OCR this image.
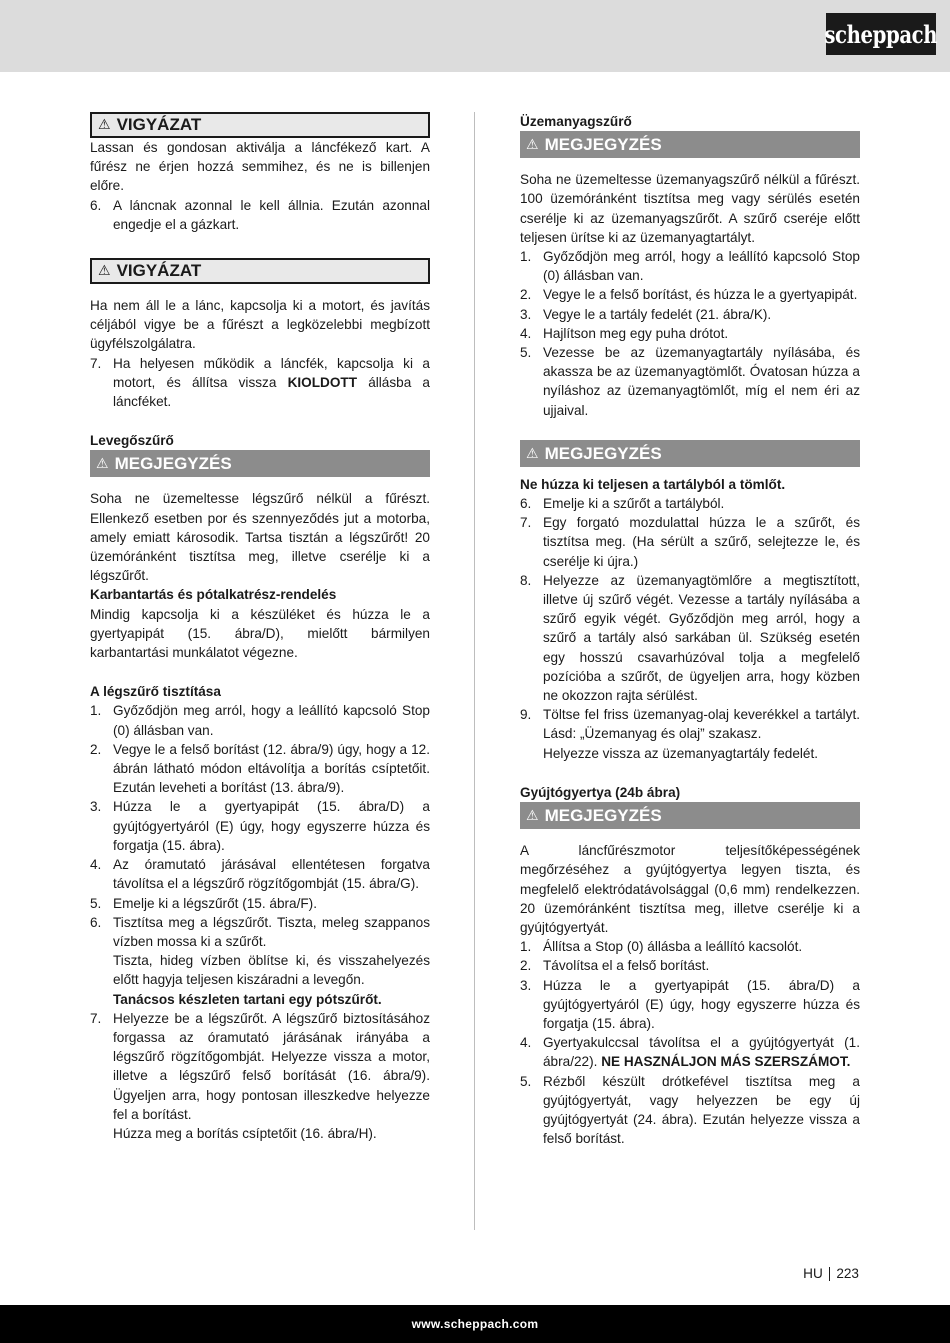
scheppach
⚠ VIGYÁZAT

Lassan és gondosan aktiválja a láncfékező kart. A fűrész ne érjen hozzá semmihez, és ne is billenjen előre.

6. A láncnak azonnal le kell állnia. Ezután azonnal engedje el a gázkart.
⚠ VIGYÁZAT

Ha nem áll le a lánc, kapcsolja ki a motort, és javítás céljából vigye be a fűrészt a legközelebbi megbízott ügyfélszolgálatra.

7. Ha helyesen működik a láncfék, kapcsolja ki a motort, és állítsa vissza KIOLDOTT állásba a láncféket.

Levegőszűrő

⚠ MEGJEGYZÉS

Soha ne üzemeltesse légszűrő nélkül a fűrészt. Ellenkező esetben por és szennyeződés jut a motorba, amely emiatt károsodik. Tartsa tisztán a légszűrőt! 20 üzemóránként tisztítsa meg, illetve cserélje ki a légszűrőt.

Karbantartás és pótalkatrész-rendelés

Mindig kapcsolja ki a készüléket és húzza le a gyertyapipát (15. ábra/D), mielőtt bármilyen karbantartási munkálatot végezne.

A légszűrő tisztítása

1. Győződjön meg arról, hogy a leállító kapcsoló Stop (0) állásban van.
2. Vegye le a felső borítást (12. ábra/9) úgy, hogy a 12. ábrán látható módon eltávolítja a borítás csíptetőit. Ezután leveheti a borítást (13. ábra/9).
3. Húzza le a gyertyapipát (15. ábra/D) a gyújtógyertyáról (E) úgy, hogy egyszerre húzza és forgatja (15. ábra).
4. Az óramutató járásával ellentétesen forgatva távolítsa el a légszűrő rögzítőgombját (15. ábra/G).
5. Emelje ki a légszűrőt (15. ábra/F).
6. Tisztítsa meg a légszűrőt. Tiszta, meleg szappanos vízben mossa ki a szűrőt.
Tiszta, hideg vízben öblítse ki, és visszahelyezés előtt hagyja teljesen kiszáradni a levegőn.
Tanácsos készleten tartani egy pótszűrőt.
7. Helyezze be a légszűrőt. A légszűrő biztosításához forgassa az óramutató járásának irányába a légszűrő rögzítőgombját. Helyezze vissza a motor, illetve a légszűrő felső borítását (16. ábra/9). Ügyeljen arra, hogy pontosan illeszkedve helyezze fel a borítást.
Húzza meg a borítás csíptetőit (16. ábra/H).

Üzemanyagszűrő

⚠ MEGJEGYZÉS

Soha ne üzemeltesse üzemanyagszűrő nélkül a fűrészt. 100 üzemóránként tisztítsa meg vagy sérülés esetén cserélje ki az üzemanyagszűrőt. A szűrő cseréje előtt teljesen ürítse ki az üzemanyagtartályt.

1. Győződjön meg arról, hogy a leállító kapcsoló Stop (0) állásban van.
2. Vegye le a felső borítást, és húzza le a gyertyapipát.
3. Vegye le a tartály fedelét (21. ábra/K).
4. Hajlítson meg egy puha drótot.
5. Vezesse be az üzemanyagtartály nyílásába, és akassza be az üzemanyagtömlőt. Óvatosan húzza a nyíláshoz az üzemanyagtömlőt, míg el nem éri az ujjaival.
⚠ MEGJEGYZÉS

Ne húzza ki teljesen a tartályból a tömlőt.

6. Emelje ki a szűrőt a tartályból.
7. Egy forgató mozdulattal húzza le a szűrőt, és tisztítsa meg. (Ha sérült a szűrő, selejtezze le, és cserélje ki újra.)
8. Helyezze az üzemanyagtömlőre a megtisztított, illetve új szűrő végét. Vezesse a tartály nyílásába a szűrő egyik végét. Győződjön meg arról, hogy a szűrő a tartály alsó sarkában ül. Szükség esetén egy hosszú csavarhúzóval tolja a megfelelő pozícióba a szűrőt, de ügyeljen arra, hogy közben ne okozzon rajta sérülést.
9. Töltse fel friss üzemanyag-olaj keverékkel a tartályt. Lásd: „Üzemanyag és olaj” szakasz.
Helyezze vissza az üzemanyagtartály fedelét.

Gyújtógyertya (24b ábra)

⚠ MEGJEGYZÉS

A láncfűrészmotor teljesítőképességének megőrzéséhez a gyújtógyertya legyen tiszta, és megfelelő elektródatávolsággal (0,6 mm) rendelkezzen. 20 üzemóránként tisztítsa meg, illetve cserélje ki a gyújtógyertyát.

1. Állítsa a Stop (0) állásba a leállító kacsolót.
2. Távolítsa el a felső borítást.
3. Húzza le a gyertyapipát (15. ábra/D) a gyújtógyertyáról (E) úgy, hogy egyszerre húzza és forgatja (15. ábra).
4. Gyertyakulccsal távolítsa el a gyújtógyertyát (1. ábra/22). NE HASZNÁLJON MÁS SZERSZÁMOT.
5. Rézből készült drótkefével tisztítsa meg a gyújtógyertyát, vagy helyezzen be egy új gyújtógyertyát (24. ábra). Ezután helyezze vissza a felső borítást.
HU 223
www.scheppach.com
